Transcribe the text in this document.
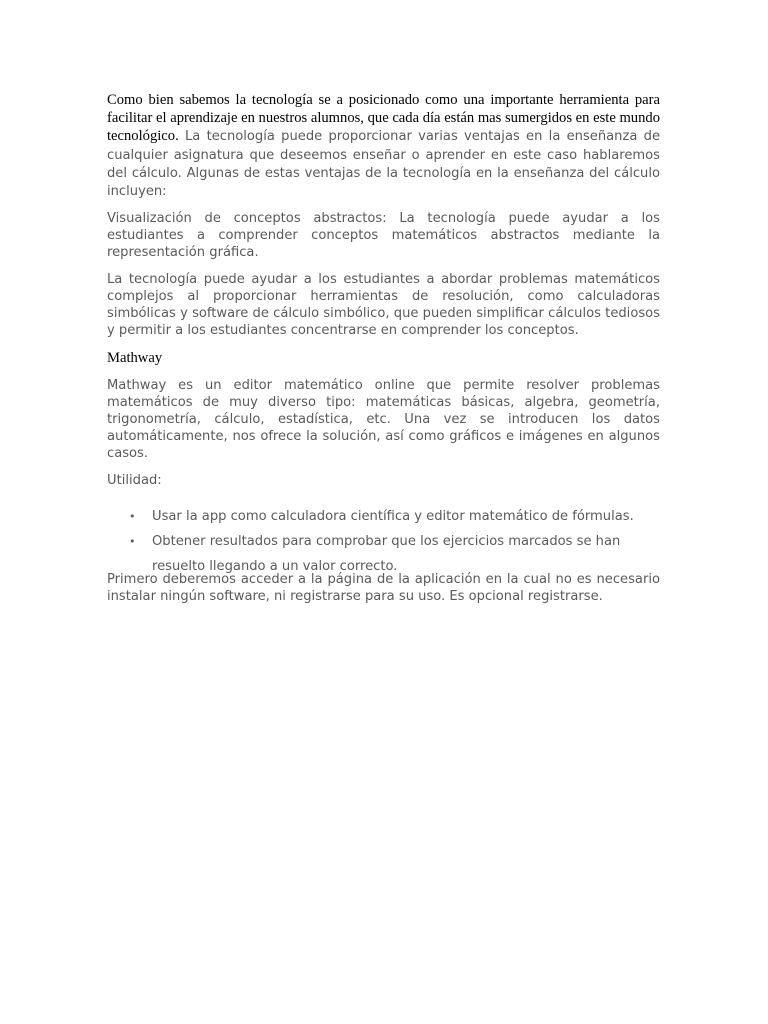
Como bien sabemos la tecnología se a posicionado como una importante herramienta para facilitar el aprendizaje en nuestros alumnos, que cada día están mas sumergidos en este mundo tecnológico. La tecnología puede proporcionar varias ventajas en la enseñanza de cualquier asignatura que deseemos enseñar o aprender en este caso hablaremos del cálculo. Algunas de estas ventajas de la tecnología en la enseñanza del cálculo incluyen:

Visualización de conceptos abstractos: La tecnología puede ayudar a los estudiantes a comprender conceptos matemáticos abstractos mediante la representación gráfica.

La tecnología puede ayudar a los estudiantes a abordar problemas matemáticos complejos al proporcionar herramientas de resolución, como calculadoras simbólicas y software de cálculo simbólico, que pueden simplificar cálculos tediosos y permitir a los estudiantes concentrarse en comprender los conceptos.

Mathway

Mathway es un editor matemático online que permite resolver problemas matemáticos de muy diverso tipo: matemáticas básicas, algebra, geometría, trigonometría, cálculo, estadística, etc. Una vez se introducen los datos automáticamente, nos ofrece la solución, así como gráficos e imágenes en algunos casos.

Utilidad:

• Usar la app como calculadora científica y editor matemático de fórmulas.
• Obtener resultados para comprobar que los ejercicios marcados se han resuelto llegando a un valor correcto.

Primero deberemos acceder a la página de la aplicación en la cual no es necesario instalar ningún software, ni registrarse para su uso. Es opcional registrarse.
